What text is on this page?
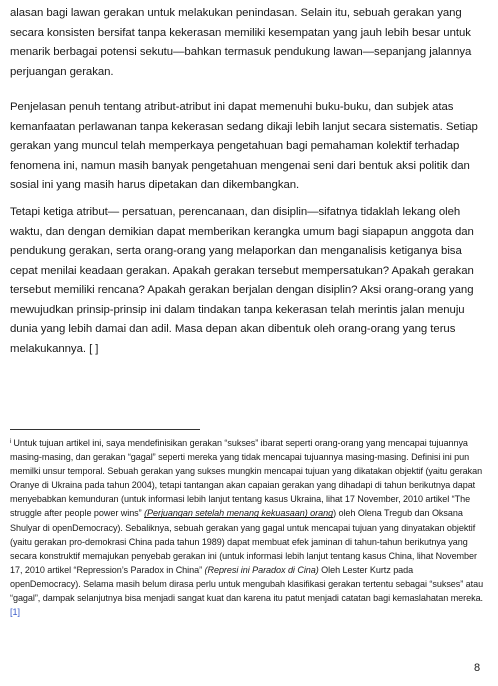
alasan bagi lawan gerakan untuk melakukan penindasan. Selain itu, sebuah gerakan yang secara konsisten bersifat tanpa kekerasan memiliki kesempatan yang jauh lebih besar untuk menarik berbagai potensi sekutu—bahkan termasuk pendukung lawan—sepanjang jalannya perjuangan gerakan.

Penjelasan penuh tentang atribut-atribut ini dapat memenuhi buku-buku, dan subjek atas kemanfaatan perlawanan tanpa kekerasan sedang dikaji lebih lanjut secara sistematis. Setiap gerakan yang muncul telah memperkaya pengetahuan bagi pemahaman kolektif terhadap fenomena ini, namun masih banyak pengetahuan mengenai seni dari bentuk aksi politik dan sosial ini yang masih harus dipetakan dan dikembangkan.

Tetapi ketiga atribut— persatuan, perencanaan, dan disiplin—sifatnya tidaklah lekang oleh waktu, dan dengan demikian dapat memberikan kerangka umum bagi siapapun anggota dan pendukung gerakan, serta orang-orang yang melaporkan dan menganalisis ketiganya bisa cepat menilai keadaan gerakan. Apakah gerakan tersebut mempersatukan? Apakah gerakan tersebut memiliki rencana? Apakah gerakan berjalan dengan disiplin? Aksi orang-orang yang mewujudkan prinsip-prinsip ini dalam tindakan tanpa kekerasan telah merintis jalan menuju dunia yang lebih damai dan adil. Masa depan akan dibentuk oleh orang-orang yang terus melakukannya. [ ]

$^i$ Untuk tujuan artikel ini, saya mendefinisikan gerakan “sukses” ibarat seperti orang-orang yang mencapai tujuannya masing-masing, dan gerakan “gagal” seperti mereka yang tidak mencapai tujuannya masing-masing. Definisi ini pun memilki unsur temporal. Sebuah gerakan yang sukses mungkin mencapai tujuan yang dikatakan objektif (yaitu gerakan Oranye di Ukraina pada tahun 2004), tetapi tantangan akan capaian gerakan yang dihadapi di tahun berikutnya dapat menyebabkan kemunduran (untuk informasi lebih lanjut tentang kasus Ukraina, lihat 17 November, 2010 artikel “The struggle after people power wins” (Perjuangan setelah menang kekuasaan) orang) oleh Olena Tregub dan Oksana Shulyar di openDemocracy). Sebaliknya, sebuah gerakan yang gagal untuk mencapai tujuan yang dinyatakan objektif (yaitu gerakan pro-demokrasi China pada tahun 1989) dapat membuat efek jaminan di tahun-tahun berikutnya yang secara konstruktif memajukan penyebab gerakan ini (untuk informasi lebih lanjut tentang kasus China, lihat November 17, 2010 artikel “Repression’s Paradox in China” (Represi ini Paradox di Cina) Oleh Lester Kurtz pada openDemocracy). Selama masih belum dirasa perlu untuk mengubah klasifikasi gerakan tertentu sebagai “sukses” atau “gagal”, dampak selanjutnya bisa menjadi sangat kuat dan karena itu patut menjadi catatan bagi kemaslahatan mereka. [1]
8
